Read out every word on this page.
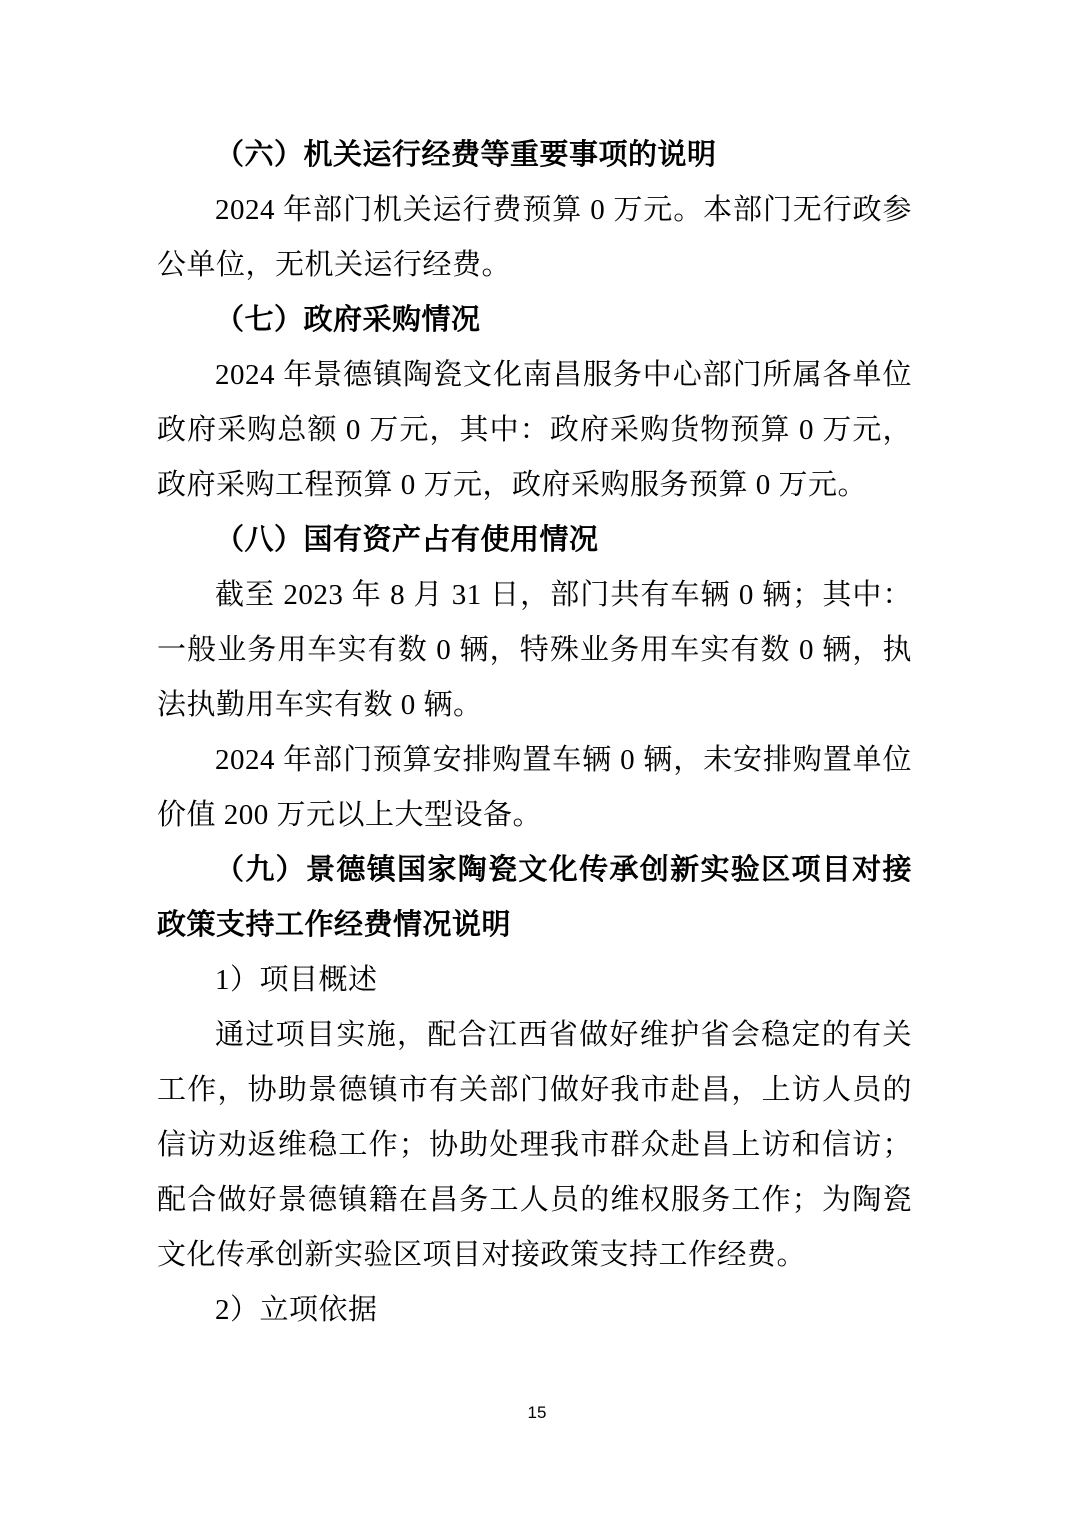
（六）机关运行经费等重要事项的说明

2024 年部门机关运行费预算 0 万元。本部门无行政参公单位，无机关运行经费。

（七）政府采购情况

2024 年景德镇陶瓷文化南昌服务中心部门所属各单位政府采购总额 0 万元，其中：政府采购货物预算 0 万元，政府采购工程预算 0 万元，政府采购服务预算 0 万元。

（八）国有资产占有使用情况

截至 2023 年 8 月 31 日，部门共有车辆 0 辆；其中：一般业务用车实有数 0 辆，特殊业务用车实有数 0 辆，执法执勤用车实有数 0 辆。

2024 年部门预算安排购置车辆 0 辆，未安排购置单位价值 200 万元以上大型设备。

（九）景德镇国家陶瓷文化传承创新实验区项目对接政策支持工作经费情况说明

1）项目概述

通过项目实施，配合江西省做好维护省会稳定的有关工作，协助景德镇市有关部门做好我市赴昌，上访人员的信访劝返维稳工作；协助处理我市群众赴昌上访和信访；配合做好景德镇籍在昌务工人员的维权服务工作；为陶瓷文化传承创新实验区项目对接政策支持工作经费。

2）立项依据

15
